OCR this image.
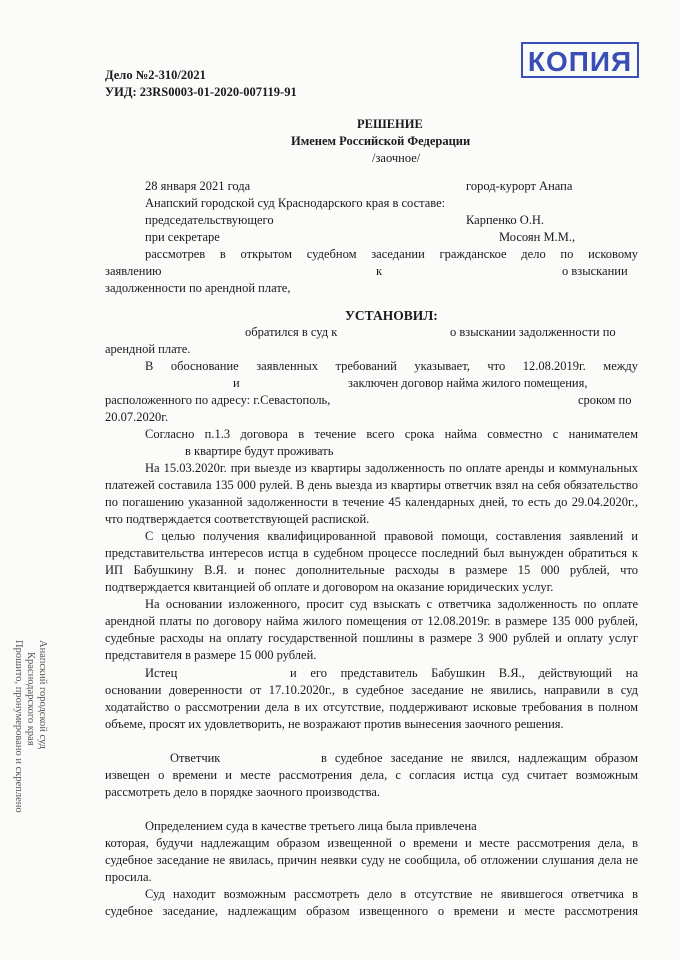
Дело №2-310/2021
УИД: 23RS0003-01-2020-007119-91
КОПИЯ
РЕШЕНИЕ
Именем Российской Федерации
/заочное/
28 января 2021 года	город-курорт Анапа
Анапский городской суд Краснодарского края в составе:
председательствующего	Карпенко О.Н.
при секретаре	Мосоян М.М.,
рассмотрев в открытом судебном заседании гражданское дело по исковому
заявлению	к	о взыскании
задолженности по арендной плате,
УСТАНОВИЛ:
обратился в суд к	о взыскании задолженности по
арендной плате.
В обоснование заявленных требований указывает, что 12.08.2019г. между
и	заключен договор найма жилого помещения,
расположенного по адресу: г.Севастополь,	сроком по
20.07.2020г.
Согласно п.1.3 договора в течение всего срока найма совместно с нанимателем
в квартире будут проживать

На 15.03.2020г. при выезде из квартиры задолженность по оплате аренды и коммунальных платежей составила 135 000 рулей. В день выезда из квартиры ответчик взял на себя обязательство по погашению указанной задолженности в течение 45 календарных дней, то есть до 29.04.2020г., что подтверждается соответствующей распиской.

С целью получения квалифицированной правовой помощи, составления заявлений и представительства интересов истца в судебном процессе последний был вынужден обратиться к ИП Бабушкину В.Я. и понес дополнительные расходы в размере 15 000 рублей, что подтверждается квитанцией об оплате и договором на оказание юридических услуг.

На основании изложенного, просит суд взыскать с ответчика задолженность по оплате арендной платы по договору найма жилого помещения от 12.08.2019г. в размере 135 000 рублей, судебные расходы на оплату государственной пошлины в размере 3 900 рублей и оплату услуг представителя в размере 15 000 рублей.

Истец	и его представитель Бабушкин В.Я., действующий на

основании доверенности от 17.10.2020г., в судебное заседание не явились, направили в суд ходатайство о рассмотрении дела в их отсутствие, поддерживают исковые требования в полном объеме, просят их удовлетворить, не возражают против вынесения заочного решения.

Ответчик	в судебное заседание не явился, надлежащим образом

извещен о времени и месте рассмотрения дела, с согласия истца суд считает возможным рассмотреть дело в порядке заочного производства.

Определением суда в качестве третьего лица была привлечена

которая, будучи надлежащим образом извещенной о времени и месте рассмотрения дела, в судебное заседание не явилась, причин неявки суду не сообщила, об отложении слушания дела не просила.

Суд находит возможным рассмотреть дело в отсутствие не явившегося ответчика в судебное заседание, надлежащим образом извещенного о времени и месте рассмотрения

Анапский городской суд
Краснодарского края
Прошито, пронумеровано и скреплено
